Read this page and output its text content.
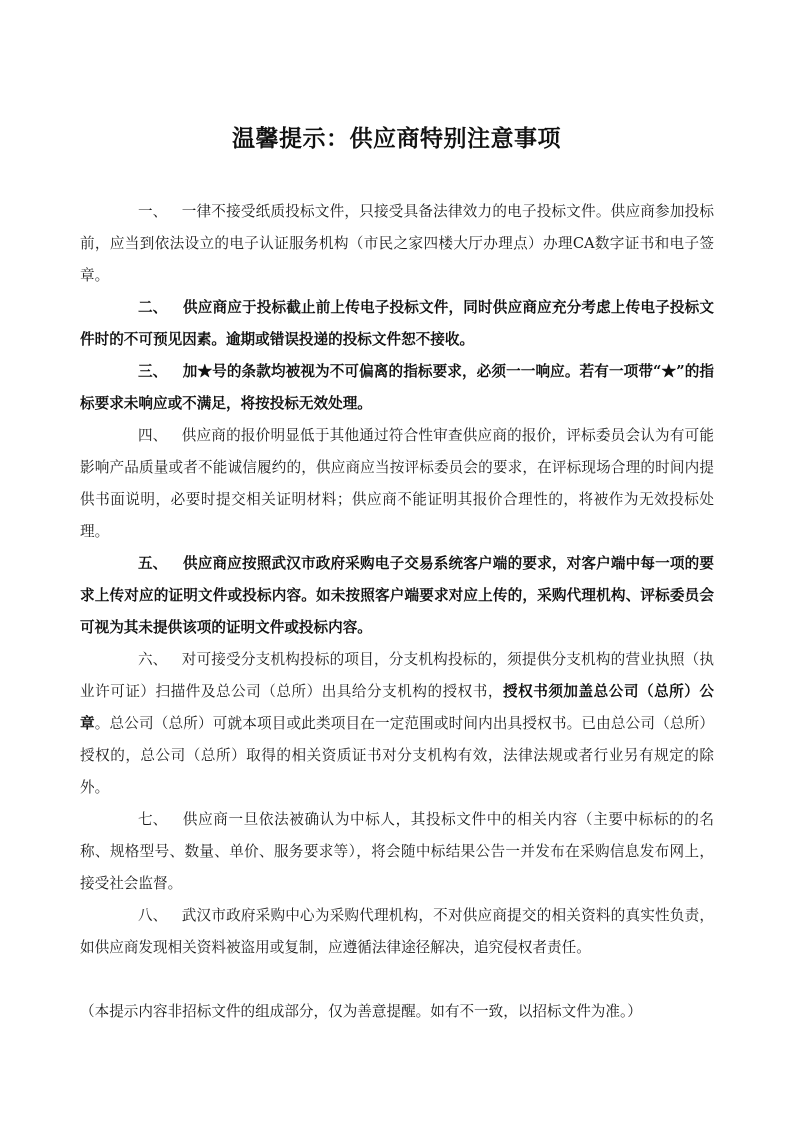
温馨提示：供应商特别注意事项

一、 一律不接受纸质投标文件，只接受具备法律效力的电子投标文件。供应商参加投标前，应当到依法设立的电子认证服务机构（市民之家四楼大厅办理点）办理CA数字证书和电子签章。

二、 供应商应于投标截止前上传电子投标文件，同时供应商应充分考虑上传电子投标文件时的不可预见因素。逾期或错误投递的投标文件恕不接收。

三、 加★号的条款均被视为不可偏离的指标要求，必须一一响应。若有一项带“★”的指标要求未响应或不满足，将按投标无效处理。

四、 供应商的报价明显低于其他通过符合性审查供应商的报价，评标委员会认为有可能影响产品质量或者不能诚信履约的，供应商应当按评标委员会的要求，在评标现场合理的时间内提供书面说明，必要时提交相关证明材料；供应商不能证明其报价合理性的，将被作为无效投标处理。

五、 供应商应按照武汉市政府采购电子交易系统客户端的要求，对客户端中每一项的要求上传对应的证明文件或投标内容。如未按照客户端要求对应上传的，采购代理机构、评标委员会可视为其未提供该项的证明文件或投标内容。

六、 对可接受分支机构投标的项目，分支机构投标的，须提供分支机构的营业执照（执业许可证）扫描件及总公司（总所）出具给分支机构的授权书，授权书须加盖总公司（总所）公章。总公司（总所）可就本项目或此类项目在一定范围或时间内出具授权书。已由总公司（总所）授权的，总公司（总所）取得的相关资质证书对分支机构有效，法律法规或者行业另有规定的除外。

七、 供应商一旦依法被确认为中标人，其投标文件中的相关内容（主要中标标的的名称、规格型号、数量、单价、服务要求等），将会随中标结果公告一并发布在采购信息发布网上，接受社会监督。

八、 武汉市政府采购中心为采购代理机构，不对供应商提交的相关资料的真实性负责，如供应商发现相关资料被盗用或复制，应遵循法律途径解决，追究侵权者责任。

（本提示内容非招标文件的组成部分，仅为善意提醒。如有不一致，以招标文件为准。）
